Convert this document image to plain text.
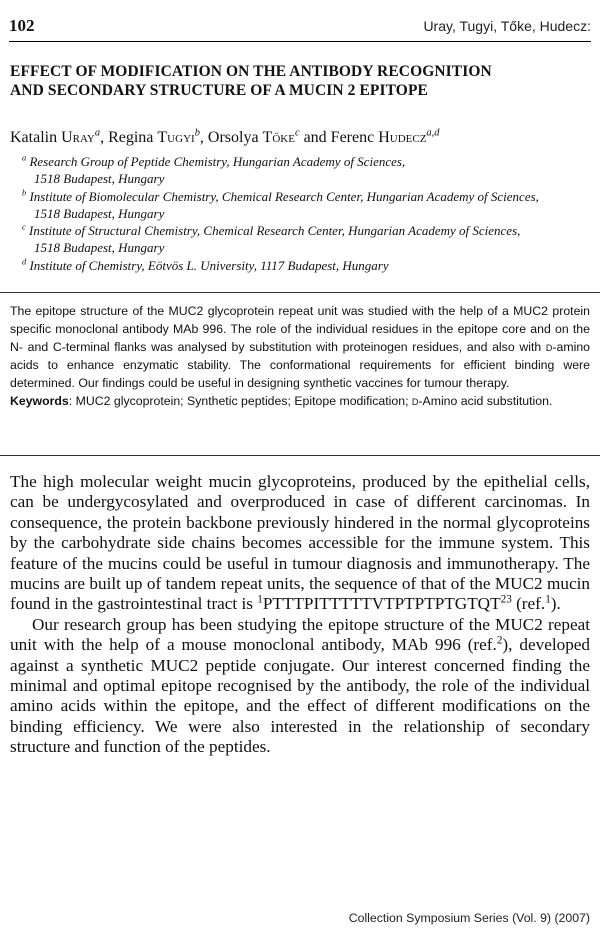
102	Uray, Tugyi, Tőke, Hudecz:
EFFECT OF MODIFICATION ON THE ANTIBODY RECOGNITION
AND SECONDARY STRUCTURE OF A MUCIN 2 EPITOPE
Katalin Uray$^a$, Regina Tugyi$^b$, Orsolya Tőke$^c$ and Ferenc Hudecz$^{a,d}$
$^a$ Research Group of Peptide Chemistry, Hungarian Academy of Sciences,
1518 Budapest, Hungary
$^b$ Institute of Biomolecular Chemistry, Chemical Research Center, Hungarian Academy of Sciences,
1518 Budapest, Hungary
$^c$ Institute of Structural Chemistry, Chemical Research Center, Hungarian Academy of Sciences,
1518 Budapest, Hungary
$^d$ Institute of Chemistry, Eötvös L. University, 1117 Budapest, Hungary

The epitope structure of the MUC2 glycoprotein repeat unit was studied with the help of a MUC2 protein specific monoclonal antibody MAb 996. The role of the individual residues in the epitope core and on the N- and C-terminal flanks was analysed by substitution with proteinogen residues, and also with d-amino acids to enhance enzymatic stability. The conformational requirements for efficient binding were determined. Our findings could be useful in designing synthetic vaccines for tumour therapy.

Keywords: MUC2 glycoprotein; Synthetic peptides; Epitope modification; d-Amino acid substitution.

The high molecular weight mucin glycoproteins, produced by the epithelial cells, can be undergycosylated and overproduced in case of different carcinomas. In consequence, the protein backbone previously hindered in the normal glycoproteins by the carbohydrate side chains becomes accessible for the immune system. This feature of the mucins could be useful in tumour diagnosis and immunotherapy. The mucins are built up of tandem repeat units, the sequence of that of the MUC2 mucin found in the gastrointestinal tract is $^1$PTTTPITTTTTVTPTPTPTGTQT$^{23}$ (ref.$^1$).

Our research group has been studying the epitope structure of the MUC2 repeat unit with the help of a mouse monoclonal antibody, MAb 996 (ref.$^2$), developed against a synthetic MUC2 peptide conjugate. Our interest concerned finding the minimal and optimal epitope recognised by the antibody, the role of the individual amino acids within the epitope, and the effect of different modifications on the binding efficiency. We were also interested in the relationship of secondary structure and function of the peptides.

Collection Symposium Series (Vol. 9) (2007)
